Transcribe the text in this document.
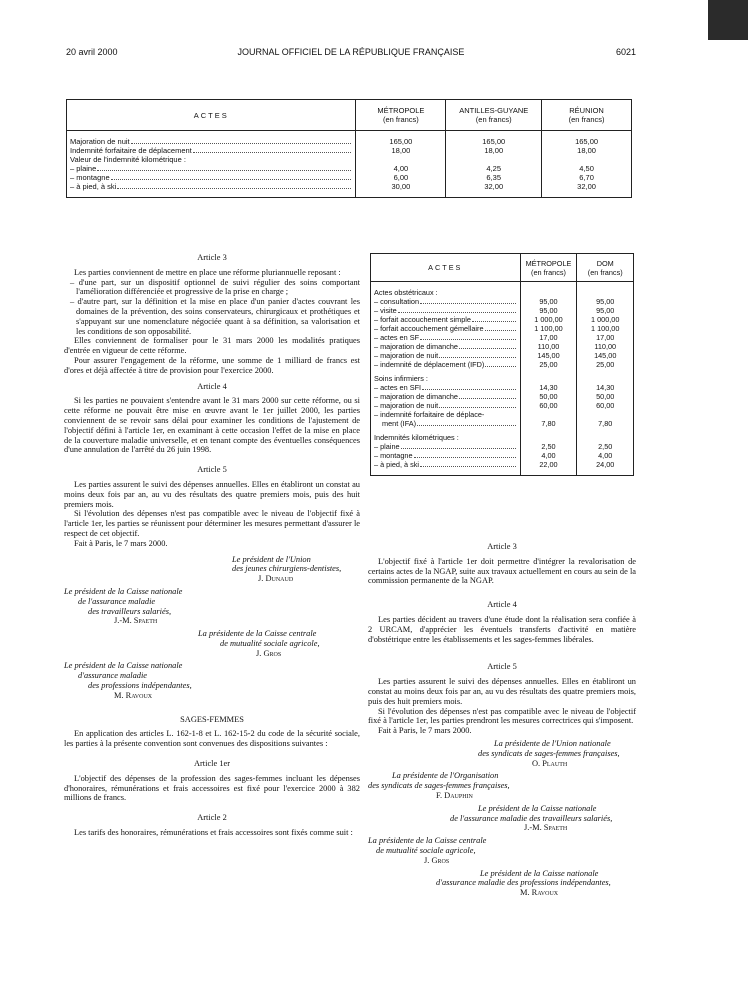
20 avril 2000	JOURNAL OFFICIEL DE LA RÉPUBLIQUE FRANÇAISE	6021
ACTES	MÉTROPOLE
(en francs)	ANTILLES-GUYANE
(en francs)	RÉUNION
(en francs)

Majoration de nuit	165,00	165,00	165,00

Indemnité forfaitaire de déplacement	18,00	18,00	18,00

Valeur de l'indemnité kilométrique :			

– plaine	4,00	4,25	4,50

– montagne	6,00	6,35	6,70

– à pied, à ski	30,00	32,00	32,00

Article 3

Les parties conviennent de mettre en place une réforme pluriannuelle reposant :

– d'une part, sur un dispositif optionnel de suivi régulier des soins comportant l'amélioration différenciée et progressive de la prise en charge ;
– d'autre part, sur la définition et la mise en place d'un panier d'actes couvrant les domaines de la prévention, des soins conservateurs, chirurgicaux et prothétiques et s'appuyant sur une nomenclature négociée quant à sa définition, sa valorisation et les conditions de son opposabilité.

Elles conviennent de formaliser pour le 31 mars 2000 les modalités pratiques d'entrée en vigueur de cette réforme.

Pour assurer l'engagement de la réforme, une somme de 1 milliard de francs est d'ores et déjà affectée à titre de provision pour l'exercice 2000.

Article 4

Si les parties ne pouvaient s'entendre avant le 31 mars 2000 sur cette réforme, ou si cette réforme ne pouvait être mise en œuvre avant le 1er juillet 2000, les parties conviennent de se revoir sans délai pour examiner les conditions de l'ajustement de l'objectif défini à l'article 1er, en examinant à cette occasion l'effet de la mise en place de la couverture maladie universelle, et en tenant compte des éventuelles conséquences d'une annulation de l'arrêté du 26 juin 1998.

Article 5

Les parties assurent le suivi des dépenses annuelles. Elles en établiront un constat au moins deux fois par an, au vu des résultats des quatre premiers mois, puis des huit premiers mois.

Si l'évolution des dépenses n'est pas compatible avec le niveau de l'objectif fixé à l'article 1er, les parties se réunissent pour déterminer les mesures permettant d'assurer le respect de cet objectif.

Fait à Paris, le 7 mars 2000.

Le président de l'Union

des jeunes chirurgiens-dentistes,

J. Dunaud

Le président de la Caisse nationale

de l'assurance maladie

des travailleurs salariés,

J.-M. Spaeth

La présidente de la Caisse centrale

de mutualité sociale agricole,

J. Gros

Le président de la Caisse nationale

d'assurance maladie

des professions indépendantes,

M. Ravoux

SAGES-FEMMES

En application des articles L. 162-1-8 et L. 162-15-2 du code de la sécurité sociale, les parties à la présente convention sont convenues des dispositions suivantes :

Article 1er

L'objectif des dépenses de la profession des sages-femmes incluant les dépenses d'honoraires, rémunérations et frais accessoires est fixé pour l'exercice 2000 à 382 millions de francs.

Article 2

Les tarifs des honoraires, rémunérations et frais accessoires sont fixés comme suit :

ACTES	MÉTROPOLE
(en francs)	DOM
(en francs)

Actes obstétricaux :		

– consultation	95,00	95,00

– visite	95,00	95,00

– forfait accouchement simple	1 000,00	1 000,00

– forfait accouchement gémellaire	1 100,00	1 100,00

– actes en SF	17,00	17,00

– majoration de dimanche	110,00	110,00

– majoration de nuit	145,00	145,00

– indemnité de déplacement (IFD)	25,00	25,00

Soins infirmiers :		

– actes en SFI	14,30	14,30

– majoration de dimanche	50,00	50,00

– majoration de nuit	60,00	60,00

– indemnité forfaitaire de déplace-		

ment (IFA)	7,80	7,80

Indemnités kilométriques :		

– plaine	2,50	2,50

– montagne	4,00	4,00

– à pied, à ski	22,00	24,00

Article 3

L'objectif fixé à l'article 1er doit permettre d'intégrer la revalorisation de certains actes de la NGAP, suite aux travaux actuellement en cours au sein de la commission permanente de la NGAP.

Article 4

Les parties décident au travers d'une étude dont la réalisation sera confiée à 2 URCAM, d'apprécier les éventuels transferts d'activité en matière d'obstétrique entre les établissements et les sages-femmes libérales.

Article 5

Les parties assurent le suivi des dépenses annuelles. Elles en établiront un constat au moins deux fois par an, au vu des résultats des quatre premiers mois, puis des huit premiers mois.

Si l'évolution des dépenses n'est pas compatible avec le niveau de l'objectif fixé à l'article 1er, les parties prendront les mesures correctrices qui s'imposent.

Fait à Paris, le 7 mars 2000.

La présidente de l'Union nationale

des syndicats de sages-femmes françaises,

O. Plauth

La présidente de l'Organisation

des syndicats de sages-femmes françaises,

F. Dauphin

Le président de la Caisse nationale

de l'assurance maladie des travailleurs salariés,

J.-M. Spaeth

La présidente de la Caisse centrale

de mutualité sociale agricole,

J. Gros

Le président de la Caisse nationale

d'assurance maladie des professions indépendantes,

M. Ravoux
